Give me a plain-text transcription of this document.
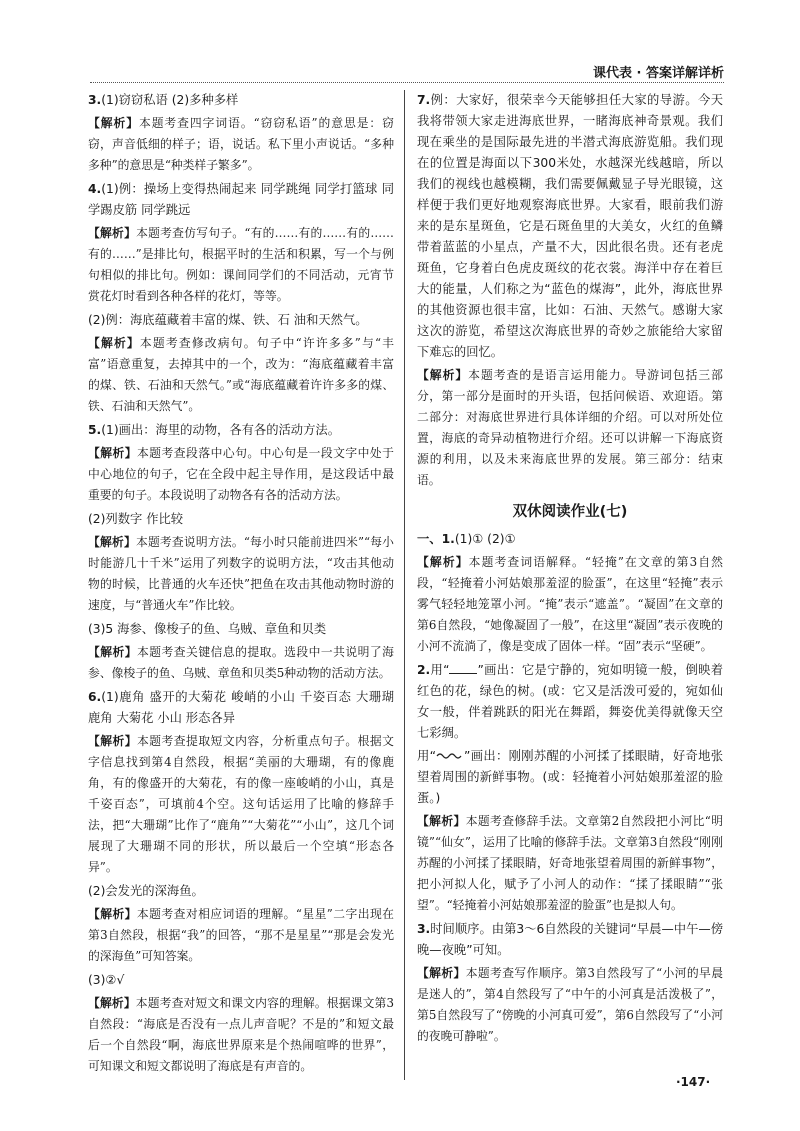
课代表 · 答案详解详析
3.(1)窃窃私语 (2)多种多样
【解析】本题考查四字词语。“窃窃私语”的意思是：窃窃，声音低细的样子；语，说话。私下里小声说话。“多种多种”的意思是“种类样子繁多”。
4.(1)例：操场上变得热闹起来 同学跳绳 同学打篮球 同学踢皮筋 同学跳远
【解析】本题考查仿写句子。“有的……有的……有的……有的……”是排比句，根据平时的生活和积累，写一个与例句相似的排比句。例如：课间同学们的不同活动，元宵节赏花灯时看到各种各样的花灯，等等。
(2)例：海底蕴藏着丰富的煤、铁、石 油和天然气。
【解析】本题考查修改病句。句子中“许许多多”与“丰富”语意重复，去掉其中的一个，改为：“海底蕴藏着丰富的煤、铁、石油和天然气。”或“海底蕴藏着许许多多的煤、铁、石油和天然气”。
5.(1)画出：海里的动物，各有各的活动方法。
【解析】本题考查段落中心句。中心句是一段文字中处于中心地位的句子，它在全段中起主导作用，是这段话中最重要的句子。本段说明了动物各有各的活动方法。
(2)列数字 作比较
【解析】本题考查说明方法。“每小时只能前进四米”“每小时能游几十千米”运用了列数字的说明方法，“攻击其他动物的时候，比普通的火车还快”把鱼在攻击其他动物时游的速度，与“普通火车”作比较。
(3)5 海参、像梭子的鱼、乌贼、章鱼和贝类
【解析】本题考查关键信息的提取。选段中一共说明了海参、像梭子的鱼、乌贼、章鱼和贝类5种动物的活动方法。
6.(1)鹿角 盛开的大菊花 峻峭的小山 千姿百态 大珊瑚 鹿角 大菊花 小山 形态各异
【解析】本题考查提取短文内容，分析重点句子。根据文字信息找到第4自然段，根据“美丽的大珊瑚，有的像鹿角，有的像盛开的大菊花，有的像一座峻峭的小山，真是千姿百态”，可填前4个空。这句话运用了比喻的修辞手法，把“大珊瑚”比作了“鹿角”“大菊花”“小山”，这几个词展现了大珊瑚不同的形状，所以最后一个空填“形态各异”。
(2)会发光的深海鱼。
【解析】本题考查对相应词语的理解。“星星”二字出现在第3自然段，根据“我”的回答，“那不是星星”“那是会发光的深海鱼”可知答案。
(3)②√
【解析】本题考查对短文和课文内容的理解。根据课文第3自然段：“海底是否没有一点儿声音呢？不是的”和短文最后一个自然段“啊，海底世界原来是个热闹喧哗的世界”，可知课文和短文都说明了海底是有声音的。
7.例：大家好，很荣幸今天能够担任大家的导游。今天我将带领大家走进海底世界，一睹海底神奇景观。我们现在乘坐的是国际最先进的半潜式海底游览船。我们现在的位置是海面以下300米处，水越深光线越暗，所以我们的视线也越模糊，我们需要佩戴显子导光眼镜，这样便于我们更好地观察海底世界。大家看，眼前我们游来的是东星斑鱼，它是石斑鱼里的大美女，火红的鱼鳞带着蓝蓝的小星点，产量不大，因此很名贵。还有老虎斑鱼，它身着白色虎皮斑纹的花衣裳。海洋中存在着巨大的能量，人们称之为“蓝色的煤海”，此外，海底世界的其他资源也很丰富，比如：石油、天然气。感谢大家这次的游览，希望这次海底世界的奇妙之旅能给大家留下难忘的回忆。
【解析】本题考查的是语言运用能力。导游词包括三部分，第一部分是面时的开头语，包括问候语、欢迎语。第二部分：对海底世界进行具体详细的介绍。可以对所处位置，海底的奇异动植物进行介绍。还可以讲解一下海底资源的利用，以及未来海底世界的发展。第三部分：结束语。
双休阅读作业(七)
一、1.(1)① (2)①
【解析】本题考查词语解释。“轻掩”在文章的第3自然段，“轻掩着小河姑娘那羞涩的脸蛋”，在这里“轻掩”表示雾气轻轻地笼罩小河。“掩”表示“遮盖”。“凝固”在文章的第6自然段，“她像凝固了一般”，在这里“凝固”表示夜晚的小河不流淌了，像是变成了固体一样。“固”表示“坚硬”。
2.用“ ”画出：它是宁静的，宛如明镜一般，倒映着红色的花，绿色的树。(或：它又是活泼可爱的，宛如仙女一般，伴着跳跃的阳光在舞蹈，舞姿优美得就像天空七彩绸。
用“ ”画出：刚刚苏醒的小河揉了揉眼睛，好奇地张望着周围的新鲜事物。(或：轻掩着小河姑娘那羞涩的脸蛋。)
【解析】本题考查修辞手法。文章第2自然段把小河比“明镜”“仙女”，运用了比喻的修辞手法。文章第3自然段“刚刚苏醒的小河揉了揉眼睛，好奇地张望着周围的新鲜事物”，把小河拟人化，赋予了小河人的动作：“揉了揉眼睛”“张望”。“轻掩着小河姑娘那羞涩的脸蛋”也是拟人句。
3.时间顺序。由第3～6自然段的关键词“早晨—中午—傍晚—夜晚”可知。
【解析】本题考查写作顺序。第3自然段写了“小河的早晨是迷人的”，第4自然段写了“中午的小河真是活泼极了”，第5自然段写了“傍晚的小河真可爱”，第6自然段写了“小河的夜晚可静啦”。
·147·
